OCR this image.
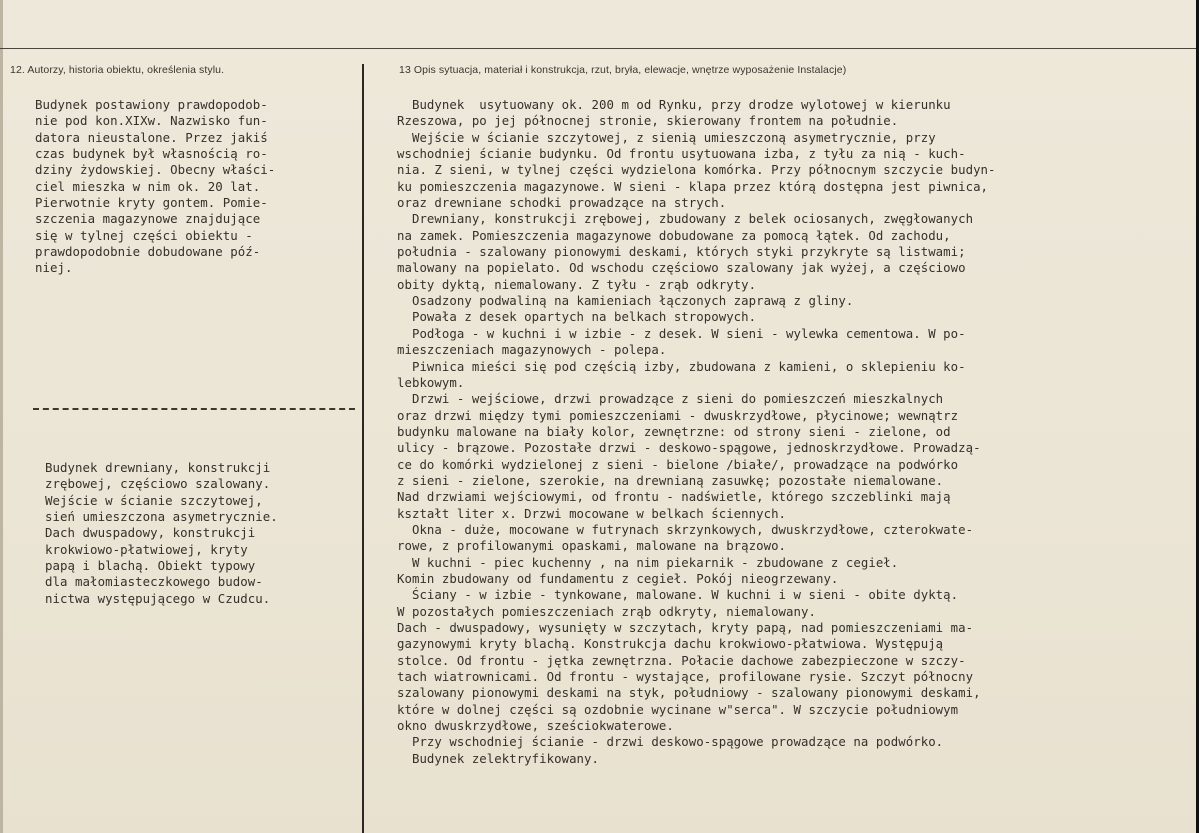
12. Autorzy, historia obiektu, określenia stylu.	13 Opis sytuacja, materiał i konstrukcja, rzut, bryła, elewacje, wnętrze wyposażenie Instalacje)
Budynek postawiony prawdopodob-
nie pod kon.XIXw. Nazwisko fun-
datora nieustalone. Przez jakiś
czas budynek był własnością ro-
dziny żydowskiej. Obecny właści-
ciel mieszka w nim ok. 20 lat.
Pierwotnie kryty gontem. Pomie-
szczenia magazynowe znajdujące
się w tylnej części obiektu -
prawdopodobnie dobudowane póź-
niej.
Budynek drewniany, konstrukcji
zrębowej, częściowo szalowany.
Wejście w ścianie szczytowej,
sień umieszczona asymetrycznie.
Dach dwuspadowy, konstrukcji
krokwiowo-płatwiowej, kryty
papą i blachą. Obiekt typowy
dla małomiasteczkowego budow-
nictwa występującego w Czudcu.
Budynek  usytuowany ok. 200 m od Rynku, przy drodze wylotowej w kierunku
Rzeszowa, po jej północnej stronie, skierowany frontem na południe.
Wejście w ścianie szczytowej, z sienią umieszczoną asymetrycznie, przy
wschodniej ścianie budynku. Od frontu usytuowana izba, z tyłu za nią - kuch-
nia. Z sieni, w tylnej części wydzielona komórka. Przy północnym szczycie budyn-
ku pomieszczenia magazynowe. W sieni - klapa przez którą dostępna jest piwnica,
oraz drewniane schodki prowadzące na strych.
Drewniany, konstrukcji zrębowej, zbudowany z belek ociosanych, zwęgłowanych
na zamek. Pomieszczenia magazynowe dobudowane za pomocą łątek. Od zachodu,
południa - szalowany pionowymi deskami, których styki przykryte są listwami;
malowany na popielato. Od wschodu częściowo szalowany jak wyżej, a częściowo
obity dyktą, niemalowany. Z tyłu - zrąb odkryty.
Osadzony podwaliną na kamieniach łączonych zaprawą z gliny.
Powała z desek opartych na belkach stropowych.
Podłoga - w kuchni i w izbie - z desek. W sieni - wylewka cementowa. W po-
mieszczeniach magazynowych - polepa.
Piwnica mieści się pod częścią izby, zbudowana z kamieni, o sklepieniu ko-
lebkowym.
Drzwi - wejściowe, drzwi prowadzące z sieni do pomieszczeń mieszkalnych
oraz drzwi między tymi pomieszczeniami - dwuskrzydłowe, płycinowe; wewnątrz
budynku malowane na biały kolor, zewnętrzne: od strony sieni - zielone, od
ulicy - brązowe. Pozostałe drzwi - deskowo-spągowe, jednoskrzydłowe. Prowadzą-
ce do komórki wydzielonej z sieni - bielone /białe/, prowadzące na podwórko
z sieni - zielone, szerokie, na drewnianą zasuwkę; pozostałe niemalowane.
Nad drzwiami wejściowymi, od frontu - nadświetle, którego szczeblinki mają
kształt liter x. Drzwi mocowane w belkach ściennych.
Okna - duże, mocowane w futrynach skrzynkowych, dwuskrzydłowe, czterokwate-
rowe, z profilowanymi opaskami, malowane na brązowo.
W kuchni - piec kuchenny , na nim piekarnik - zbudowane z cegieł.
Komin zbudowany od fundamentu z cegieł. Pokój nieogrzewany.
Ściany - w izbie - tynkowane, malowane. W kuchni i w sieni - obite dyktą.
W pozostałych pomieszczeniach zrąb odkryty, niemalowany.
Dach - dwuspadowy, wysunięty w szczytach, kryty papą, nad pomieszczeniami ma-
gazynowymi kryty blachą. Konstrukcja dachu krokwiowo-płatwiowa. Występują
stolce. Od frontu - jętka zewnętrzna. Połacie dachowe zabezpieczone w szczy-
tach wiatrownicami. Od frontu - wystające, profilowane rysie. Szczyt północny
szalowany pionowymi deskami na styk, południowy - szalowany pionowymi deskami,
które w dolnej części są ozdobnie wycinane w"serca". W szczycie południowym
okno dwuskrzydłowe, sześciokwaterowe.
Przy wschodniej ścianie - drzwi deskowo-spągowe prowadzące na podwórko.
Budynek zelektryfikowany.
